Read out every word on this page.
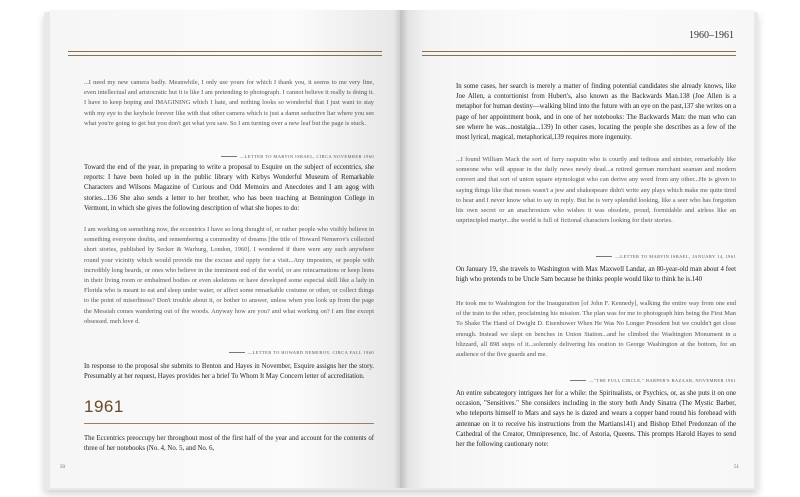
...I need my new camera badly. Meanwhile, I only use yours for which I thank you, it seems to me very fine, even intellectual and aristocratic but it is like I am pretending to photograph. I cannot believe it really is doing it. I have to keep hoping and IMAGINING which I hate, and nothing looks so wonderful that I just want to stay with my eye to the keyhole forever like with that other camera which is just a damn seductive liar where you see what you're going to get but you don't get what you saw. So I am turning over a new leaf but the page is stuck.
—LETTER TO MARVIN ISRAEL, CIRCA NOVEMBER 1960
Toward the end of the year, in preparing to write a proposal to Esquire on the subject of eccentrics, she reports: I have been holed up in the public library with Kirbys Wonderful Museum of Remarkable Characters and Wilsons Magazine of Curious and Odd Memoirs and Anecdotes and I am agog with stories...136 She also sends a letter to her brother, who has been teaching at Bennington College in Vermont, in which she gives the following description of what she hopes to do:
I am working on something now, the eccentrics I have so long thought of, or rather people who visibly believe in something everyone doubts, and remembering a commodity of dreams [the title of Howard Nemerov's collected short stories, published by Secker & Warburg, London, 1960]. I wondered if there were any such anywhere round your vicinity which would provide me the excuse and oppty for a visit...Any impostors, or people with incredibly long beards, or ones who believe in the imminent end of the world, or are reincarnations or keep lions in their living room or embalmed bodies or even skeletons or have developed some especial skill like a lady in Florida who is meant to eat and sleep under water, or affect some remarkable costume or other, or collect things to the point of miserliness? Don't trouble about it, or bother to answer, unless when you look up from the page the Messiah comes wandering out of the woods. Anyway how are you? and what working on? I am fine except obsessed. meh love d.
—LETTER TO HOWARD NEMEROV, CIRCA FALL 1960
In response to the proposal she submits to Benton and Hayes in November, Esquire assigns her the story. Presumably at her request, Hayes provides her a brief To Whom It May Concern letter of accreditation.
1961
The Eccentrics preoccupy her throughout most of the first half of the year and account for the contents of three of her notebooks (No. 4, No. 5, and No. 6,
50
1960–1961
In some cases, her search is merely a matter of finding potential candidates she already knows, like Joe Allen, a contortionist from Hubert's, also known as the Backwards Man.138 (Joe Allen is a metaphor for human destiny—walking blind into the future with an eye on the past,137 she writes on a page of her appointment book, and in one of her notebooks: The Backwards Man: the man who can see where he was...nostalgia...139) In other cases, locating the people she describes as a few of the most lyrical, magical, metaphorical,139 requires more ingenuity.
...I found William Mack the sort of furry rasputin who is courtly and tedious and sinister, remarkably like someone who will appear in the daily news newly dead...a retired german merchant seaman and modern convert and that sort of union square etymologist who can derive any word from any other...He is given to saying things like that moses wasn't a jew and shakespeare didn't write any plays which make me quite tired to hear and I never know what to say in reply. But he is very splendid looking, like a seer who has forgotten his own secret or an anachronism who wishes it was obsolete, proud, formidable and airless like an unprincipled martyr...the world is full of fictional characters looking for their stories.
—LETTER TO MARVIN ISRAEL, JANUARY 14, 1961
On January 19, she travels to Washington with Max Maxwell Landar, an 80-year-old man about 4 feet high who pretends to be Uncle Sam because he thinks people would like to think he is.140
He took me to Washington for the Inauguration [of John F. Kennedy], walking the entire way from one end of the train to the other, proclaiming his mission. The plan was for me to photograph him being the First Man To Shake The Hand of Dwight D. Eisenhower When He Was No Longer President but we couldn't get close enough. Instead we slept on benches in Union Station...and he climbed the Washington Monument in a blizzard, all 898 steps of it...solemnly delivering his oration to George Washington at the bottom, for an audience of the five guards and me.
—"THE FULL CIRCLE," HARPER'S BAZAAR, NOVEMBER 1961
An entire subcategory intrigues her for a while: the Spiritualists, or Psychics, or, as she puts it on one occasion, "Sensitives." She considers including in the story both Andy Sinatra (The Mystic Barber, who teleports himself to Mars and says he is dazed and wears a copper band round his forehead with antennae on it to receive his instructions from the Martians141) and Bishop Ethel Predonzan of the Cathedral of the Creator, Omnipresence, Inc. of Astoria, Queens. This prompts Harold Hayes to send her the following cautionary note:
51
